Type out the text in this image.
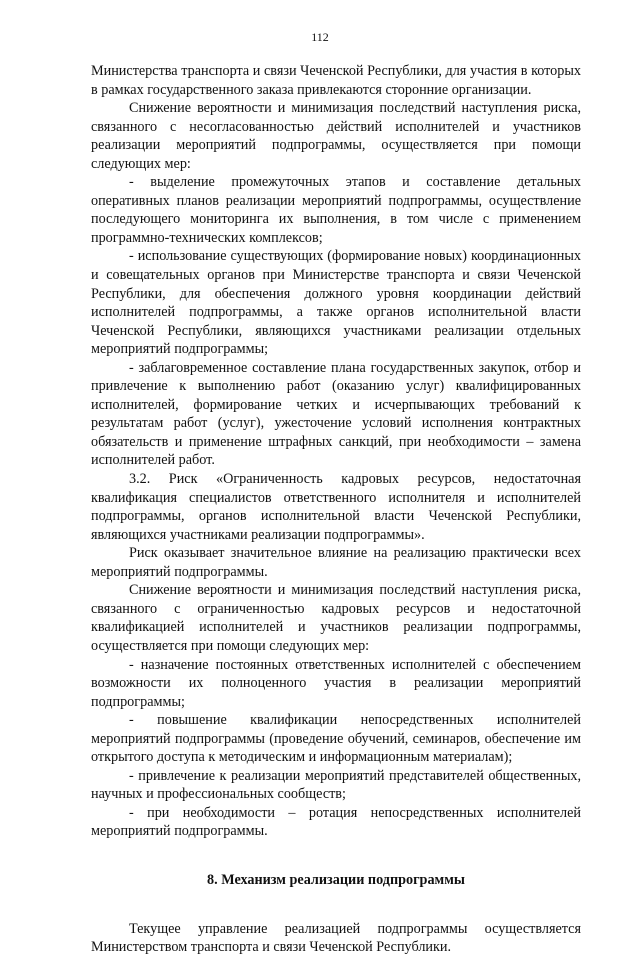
112

Министерства транспорта и связи Чеченской Республики, для участия в которых в рамках государственного заказа привлекаются сторонние организации.

Снижение вероятности и минимизация последствий наступления риска, связанного с несогласованностью действий исполнителей и участников реализации мероприятий подпрограммы, осуществляется при помощи следующих мер:

- выделение промежуточных этапов и составление детальных оперативных планов реализации мероприятий подпрограммы, осуществление последующего мониторинга их выполнения, в том числе с применением программно-технических комплексов;

- использование существующих (формирование новых) координационных и совещательных органов при Министерстве транспорта и связи Чеченской Республики, для обеспечения должного уровня координации действий исполнителей подпрограммы, а также органов исполнительной власти Чеченской Республики, являющихся участниками реализации отдельных мероприятий подпрограммы;

- заблаговременное составление плана государственных закупок, отбор и привлечение к выполнению работ (оказанию услуг) квалифицированных исполнителей, формирование четких и исчерпывающих требований к результатам работ (услуг), ужесточение условий исполнения контрактных обязательств и применение штрафных санкций, при необходимости – замена исполнителей работ.

3.2. Риск «Ограниченность кадровых ресурсов, недостаточная квалификация специалистов ответственного исполнителя и исполнителей подпрограммы, органов исполнительной власти Чеченской Республики, являющихся участниками реализации подпрограммы».

Риск оказывает значительное влияние на реализацию практически всех мероприятий подпрограммы.

Снижение вероятности и минимизация последствий наступления риска, связанного с ограниченностью кадровых ресурсов и недостаточной квалификацией исполнителей и участников реализации подпрограммы, осуществляется при помощи следующих мер:

- назначение постоянных ответственных исполнителей с обеспечением возможности их полноценного участия в реализации мероприятий подпрограммы;

- повышение квалификации непосредственных исполнителей мероприятий подпрограммы (проведение обучений, семинаров, обеспечение им открытого доступа к методическим и информационным материалам);

- привлечение к реализации мероприятий представителей общественных, научных и профессиональных сообществ;

- при необходимости – ротация непосредственных исполнителей мероприятий подпрограммы.

8. Механизм реализации подпрограммы

Текущее управление реализацией подпрограммы осуществляется Министерством транспорта и связи Чеченской Республики.
